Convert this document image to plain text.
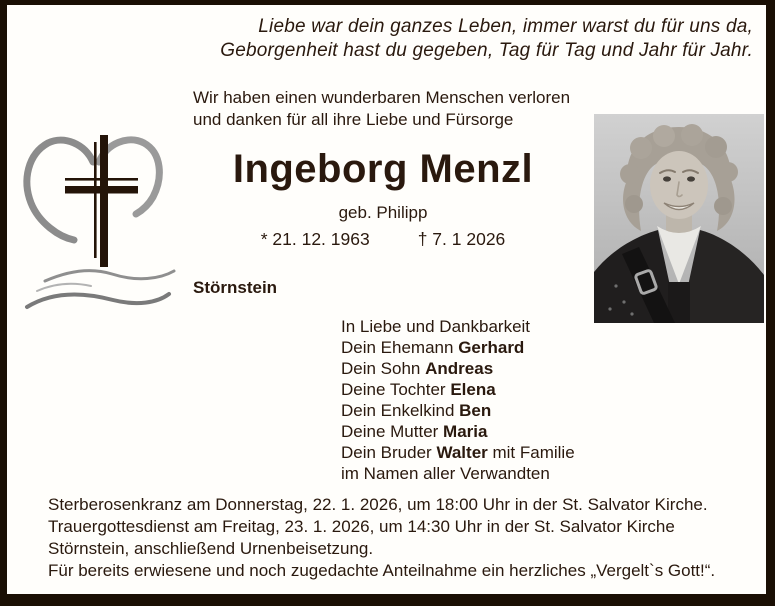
Liebe war dein ganzes Leben, immer warst du für uns da,
Geborgenheit hast du gegeben, Tag für Tag und Jahr für Jahr.
Wir haben einen wunderbaren Menschen verloren
und danken für all ihre Liebe und Fürsorge
Ingeborg Menzl
geb. Philipp
* 21. 12. 1963	† 7. 1 2026
Störnstein
In Liebe und Dankbarkeit
Dein Ehemann Gerhard
Dein Sohn Andreas
Deine Tochter Elena
Dein Enkelkind Ben
Deine Mutter Maria
Dein Bruder Walter mit Familie
im Namen aller Verwandten
Sterberosenkranz am Donnerstag, 22. 1. 2026, um 18:00 Uhr in der St. Salvator Kirche.
Trauergottesdienst am Freitag, 23. 1. 2026, um 14:30 Uhr in der St. Salvator Kirche
Störnstein, anschließend Urnenbeisetzung.
Für bereits erwiesene und noch zugedachte Anteilnahme ein herzliches „Vergelt`s Gott!“.
